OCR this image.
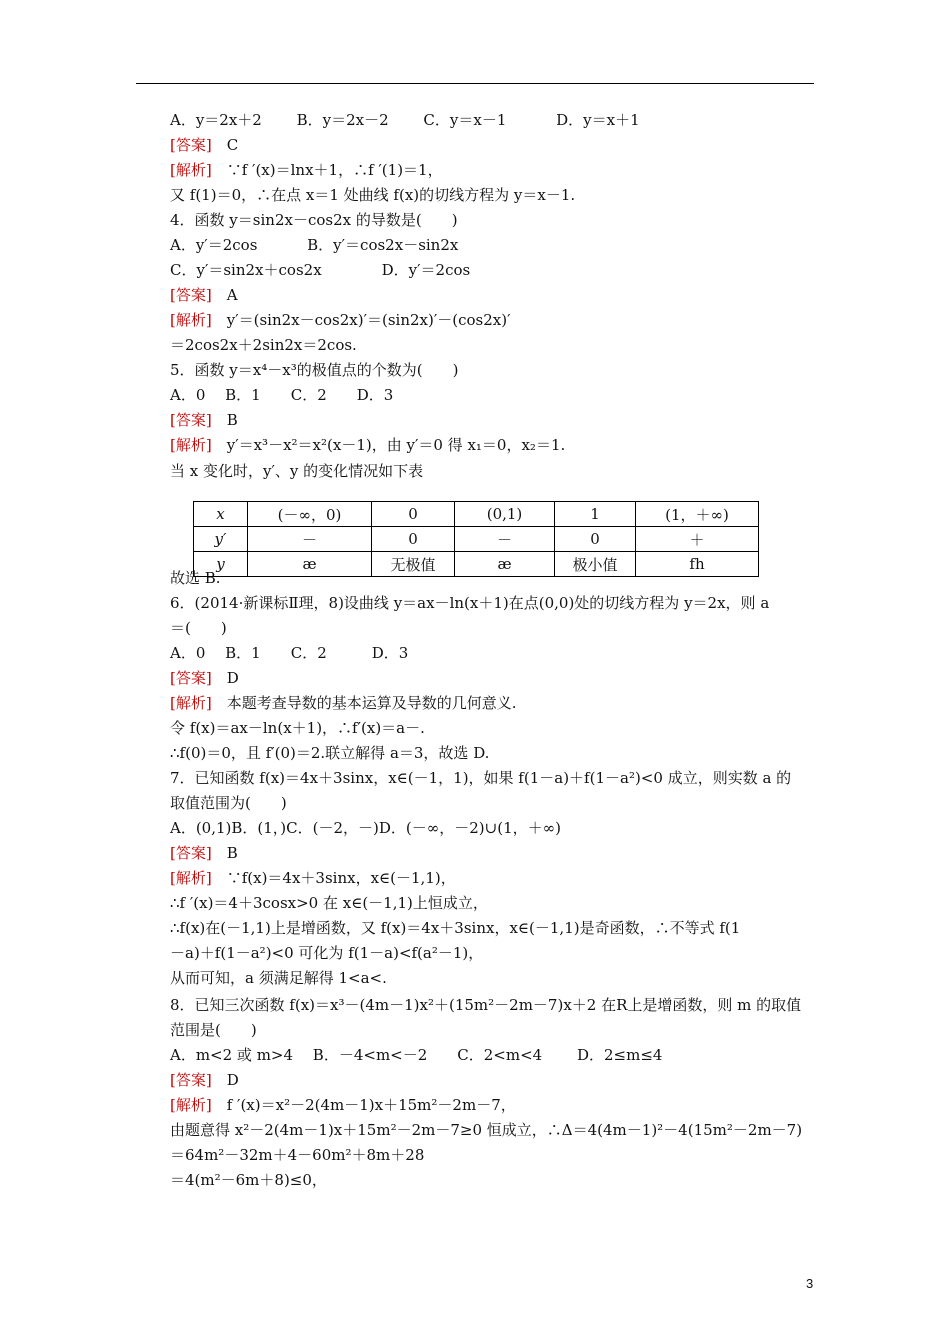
A．y＝2x＋2　　 B．y＝2x－2　　 C．y＝x－1　　　 D．y＝x＋1
[答案]　C
[解析]　∵f ′(x)＝lnx＋1，∴f ′(1)＝1，
又 f(1)＝0，∴在点 x＝1 处曲线 f(x)的切线方程为 y＝x－1.
4．函数 y＝sin2x－cos2x 的导数是(　　)
A．y′＝2cos　　　 B．y′＝cos2x－sin2x
C．y′＝sin2x＋cos2x　　　　D．y′＝2cos
[答案]　A
[解析]　y′＝(sin2x－cos2x)′＝(sin2x)′－(cos2x)′
＝2cos2x＋2sin2x＝2cos.
5．函数 y＝x⁴－x³的极值点的个数为(　　)
A．0　 B．1　　C．2　　D．3
[答案]　B
[解析]　y′＝x³－x²＝x²(x－1)，由 y′＝0 得 x₁＝0，x₂＝1.
当 x 变化时，y′、y 的变化情况如下表
故选 B.
6．(2014·新课标Ⅱ理，8)设曲线 y＝ax－ln(x＋1)在点(0,0)处的切线方程为 y＝2x，则 a
＝(　　)
A．0　 B．1　　C．2　　　D．3
[答案]　D
[解析]　本题考查导数的基本运算及导数的几何意义.
令 f(x)＝ax－ln(x＋1)，∴f′(x)＝a－.
∴f(0)＝0，且 f′(0)＝2.联立解得 a＝3，故选 D.
7．已知函数 f(x)＝4x＋3sinx，x∈(－1，1)，如果 f(1－a)＋f(1－a²)<0 成立，则实数 a 的
取值范围为(　　)
A．(0,1)B．(1，)C．(－2，－)D．(－∞，－2)∪(1，＋∞)
[答案]　B
[解析]　∵f(x)＝4x＋3sinx，x∈(－1,1)，
∴f ′(x)＝4＋3cosx>0 在 x∈(－1,1)上恒成立，
∴f(x)在(－1,1)上是增函数，又 f(x)＝4x＋3sinx，x∈(－1,1)是奇函数，∴不等式 f(1
－a)＋f(1－a²)<0 可化为 f(1－a)<f(a²－1)，
从而可知，a 须满足解得 1<a<.
8．已知三次函数 f(x)＝x³－(4m－1)x²＋(15m²－2m－7)x＋2 在R上是增函数，则 m 的取值
范围是(　　)
A．m<2 或 m>4　 B．－4<m<－2　　C．2<m<4　　 D．2≤m≤4
[答案]　D
[解析]　f ′(x)＝x²－2(4m－1)x＋15m²－2m－7，
由题意得 x²－2(4m－1)x＋15m²－2m－7≥0 恒成立，∴Δ＝4(4m－1)²－4(15m²－2m－7)
＝64m²－32m＋4－60m²＋8m＋28
＝4(m²－6m＋8)≤0，
x	(－∞，0)	0	(0,1)	1	(1，＋∞)
y′	－	0	－	0	＋
y	æ	无极值	æ	极小值	fh
3
